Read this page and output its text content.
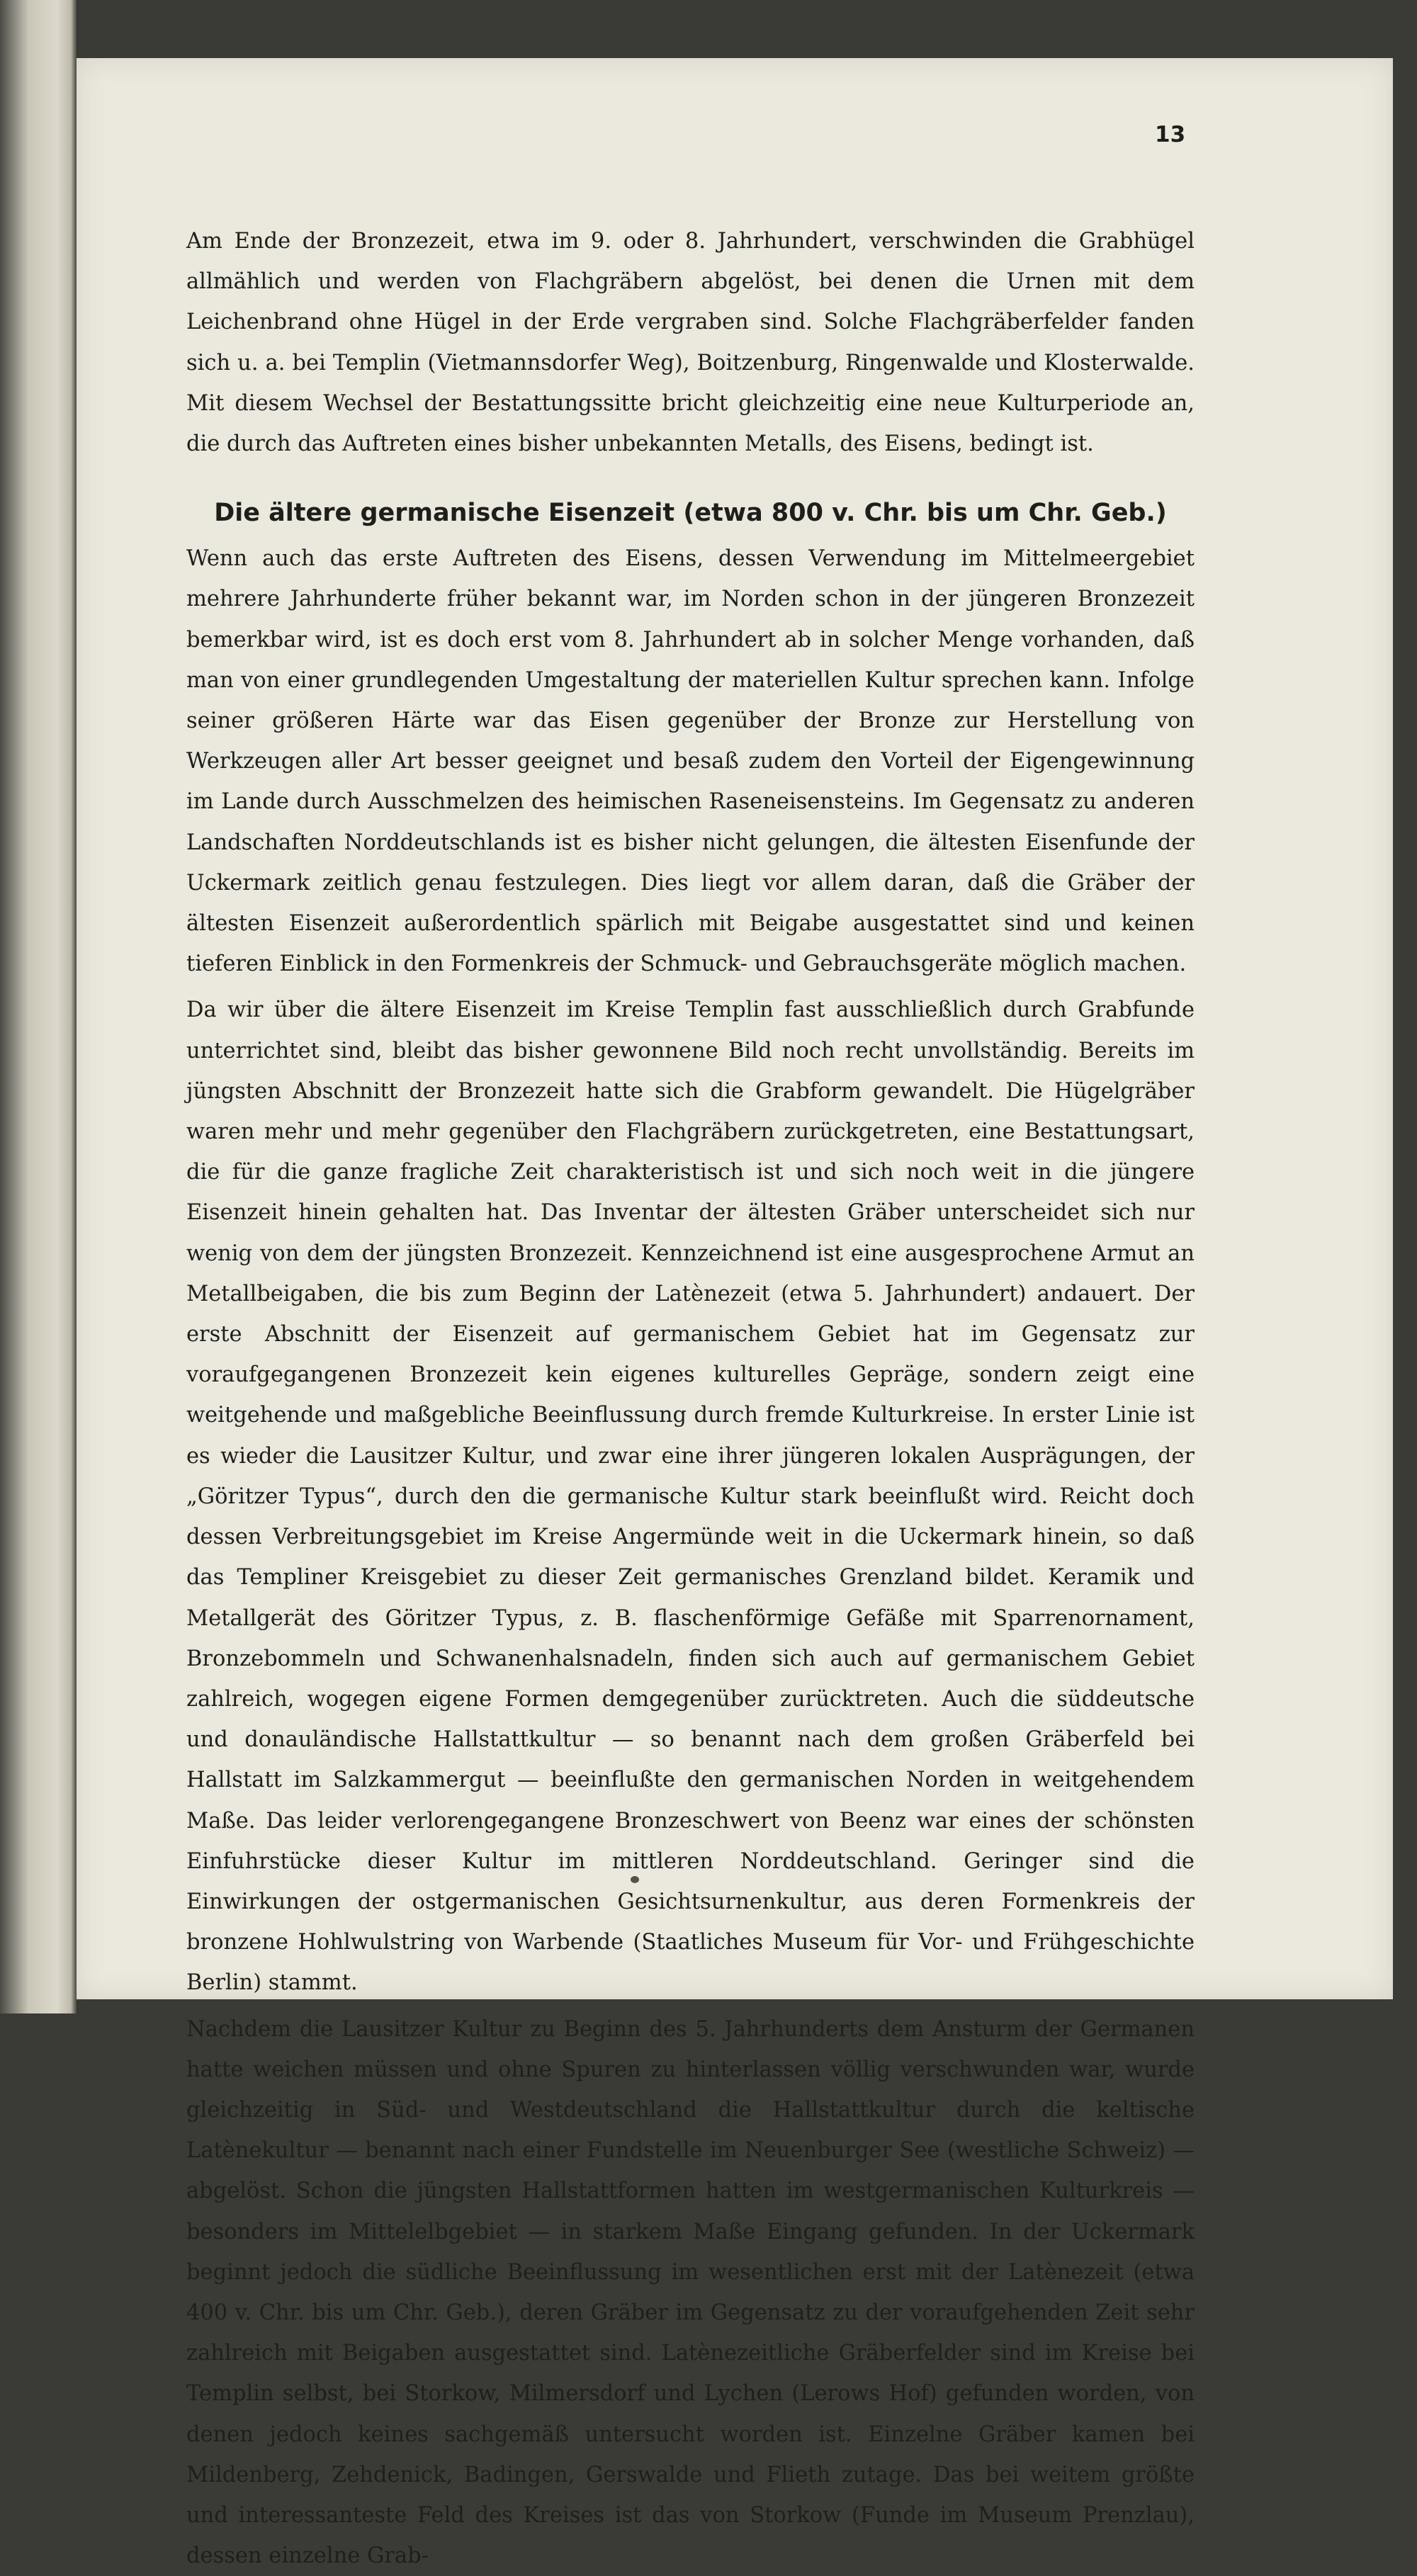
13

Am Ende der Bronzezeit, etwa im 9. oder 8. Jahrhundert, verschwinden die Grabhügel allmählich und werden von Flachgräbern abgelöst, bei denen die Urnen mit dem Leichenbrand ohne Hügel in der Erde vergraben sind. Solche Flachgräberfelder fanden sich u. a. bei Templin (Vietmannsdorfer Weg), Boitzenburg, Ringenwalde und Klosterwalde. Mit diesem Wechsel der Bestattungssitte bricht gleichzeitig eine neue Kulturperiode an, die durch das Auftreten eines bisher unbekannten Metalls, des Eisens, bedingt ist.

Die ältere germanische Eisenzeit (etwa 800 v. Chr. bis um Chr. Geb.)

Wenn auch das erste Auftreten des Eisens, dessen Verwendung im Mittelmeergebiet mehrere Jahrhunderte früher bekannt war, im Norden schon in der jüngeren Bronzezeit bemerkbar wird, ist es doch erst vom 8. Jahrhundert ab in solcher Menge vorhanden, daß man von einer grundlegenden Umgestaltung der materiellen Kultur sprechen kann. Infolge seiner größeren Härte war das Eisen gegenüber der Bronze zur Herstellung von Werkzeugen aller Art besser geeignet und besaß zudem den Vorteil der Eigengewinnung im Lande durch Ausschmelzen des heimischen Raseneisensteins. Im Gegensatz zu anderen Landschaften Norddeutschlands ist es bisher nicht gelungen, die ältesten Eisenfunde der Uckermark zeitlich genau festzulegen. Dies liegt vor allem daran, daß die Gräber der ältesten Eisenzeit außerordentlich spärlich mit Beigabe ausgestattet sind und keinen tieferen Einblick in den Formenkreis der Schmuck- und Gebrauchsgeräte möglich machen.

Da wir über die ältere Eisenzeit im Kreise Templin fast ausschließlich durch Grabfunde unterrichtet sind, bleibt das bisher gewonnene Bild noch recht unvollständig. Bereits im jüngsten Abschnitt der Bronzezeit hatte sich die Grabform gewandelt. Die Hügelgräber waren mehr und mehr gegenüber den Flachgräbern zurückgetreten, eine Bestattungsart, die für die ganze fragliche Zeit charakteristisch ist und sich noch weit in die jüngere Eisenzeit hinein gehalten hat. Das Inventar der ältesten Gräber unterscheidet sich nur wenig von dem der jüngsten Bronzezeit. Kennzeichnend ist eine ausgesprochene Armut an Metallbeigaben, die bis zum Beginn der Latènezeit (etwa 5. Jahrhundert) andauert. Der erste Abschnitt der Eisenzeit auf germanischem Gebiet hat im Gegensatz zur voraufgegangenen Bronzezeit kein eigenes kulturelles Gepräge, sondern zeigt eine weitgehende und maßgebliche Beeinflussung durch fremde Kulturkreise. In erster Linie ist es wieder die Lausitzer Kultur, und zwar eine ihrer jüngeren lokalen Ausprägungen, der „Göritzer Typus“, durch den die germanische Kultur stark beeinflußt wird. Reicht doch dessen Verbreitungsgebiet im Kreise Angermünde weit in die Uckermark hinein, so daß das Templiner Kreisgebiet zu dieser Zeit germanisches Grenzland bildet. Keramik und Metallgerät des Göritzer Typus, z. B. flaschenförmige Gefäße mit Sparrenornament, Bronzebommeln und Schwanenhalsnadeln, finden sich auch auf germanischem Gebiet zahlreich, wogegen eigene Formen demgegenüber zurücktreten. Auch die süddeutsche und donauländische Hallstattkultur — so benannt nach dem großen Gräberfeld bei Hallstatt im Salzkammergut — beeinflußte den germanischen Norden in weitgehendem Maße. Das leider verlorengegangene Bronzeschwert von Beenz war eines der schönsten Einfuhrstücke dieser Kultur im mittleren Norddeutschland. Geringer sind die Einwirkungen der ostgermanischen Gesichtsurnenkultur, aus deren Formenkreis der bronzene Hohlwulstring von Warbende (Staatliches Museum für Vor- und Frühgeschichte Berlin) stammt.

Nachdem die Lausitzer Kultur zu Beginn des 5. Jahrhunderts dem Ansturm der Germanen hatte weichen müssen und ohne Spuren zu hinterlassen völlig verschwunden war, wurde gleichzeitig in Süd- und Westdeutschland die Hallstattkultur durch die keltische Latènekultur — benannt nach einer Fundstelle im Neuenburger See (westliche Schweiz) — abgelöst. Schon die jüngsten Hallstattformen hatten im westgermanischen Kulturkreis — besonders im Mittelelbgebiet — in starkem Maße Eingang gefunden. In der Uckermark beginnt jedoch die südliche Beeinflussung im wesentlichen erst mit der Latènezeit (etwa 400 v. Chr. bis um Chr. Geb.), deren Gräber im Gegensatz zu der voraufgehenden Zeit sehr zahlreich mit Beigaben ausgestattet sind. Latènezeitliche Gräberfelder sind im Kreise bei Templin selbst, bei Storkow, Milmersdorf und Lychen (Lerows Hof) gefunden worden, von denen jedoch keines sachgemäß untersucht worden ist. Einzelne Gräber kamen bei Mildenberg, Zehdenick, Badingen, Gerswalde und Flieth zutage. Das bei weitem größte und interessanteste Feld des Kreises ist das von Storkow (Funde im Museum Prenzlau), dessen einzelne Grab-
